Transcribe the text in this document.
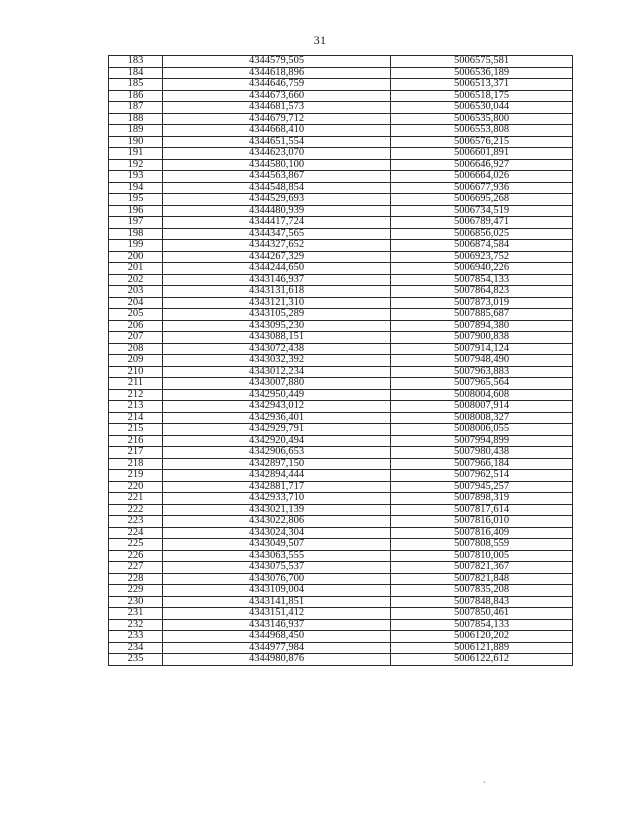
31
183	4344579,505	5006575,581
184	4344618,896	5006536,189
185	4344646,759	5006513,371
186	4344673,660	5006518,175
187	4344681,573	5006530,044
188	4344679,712	5006535,800
189	4344668,410	5006553,808
190	4344651,554	5006576,215
191	4344623,070	5006601,891
192	4344580,100	5006646,927
193	4344563,867	5006664,026
194	4344548,854	5006677,936
195	4344529,693	5006695,268
196	4344480,939	5006734,519
197	4344417,724	5006789,471
198	4344347,565	5006856,025
199	4344327,652	5006874,584
200	4344267,329	5006923,752
201	4344244,650	5006940,226
202	4343146,937	5007854,133
203	4343131,618	5007864,823
204	4343121,310	5007873,019
205	4343105,289	5007885,687
206	4343095,230	5007894,380
207	4343088,151	5007900,838
208	4343072,438	5007914,124
209	4343032,392	5007948,490
210	4343012,234	5007963,883
211	4343007,880	5007965,564
212	4342950,449	5008004,608
213	4342943,012	5008007,914
214	4342936,401	5008008,327
215	4342929,791	5008006,055
216	4342920,494	5007994,899
217	4342906,653	5007980,438
218	4342897,150	5007966,184
219	4342894,444	5007962,514
220	4342881,717	5007945,257
221	4342933,710	5007898,319
222	4343021,139	5007817,614
223	4343022,806	5007816,010
224	4343024,304	5007816,409
225	4343049,507	5007808,559
226	4343063,555	5007810,005
227	4343075,537	5007821,367
228	4343076,700	5007821,848
229	4343109,004	5007835,208
230	4343141,851	5007848,843
231	4343151,412	5007850,461
232	4343146,937	5007854,133
233	4344968,450	5006120,202
234	4344977,984	5006121,889
235	4344980,876	5006122,612
`
